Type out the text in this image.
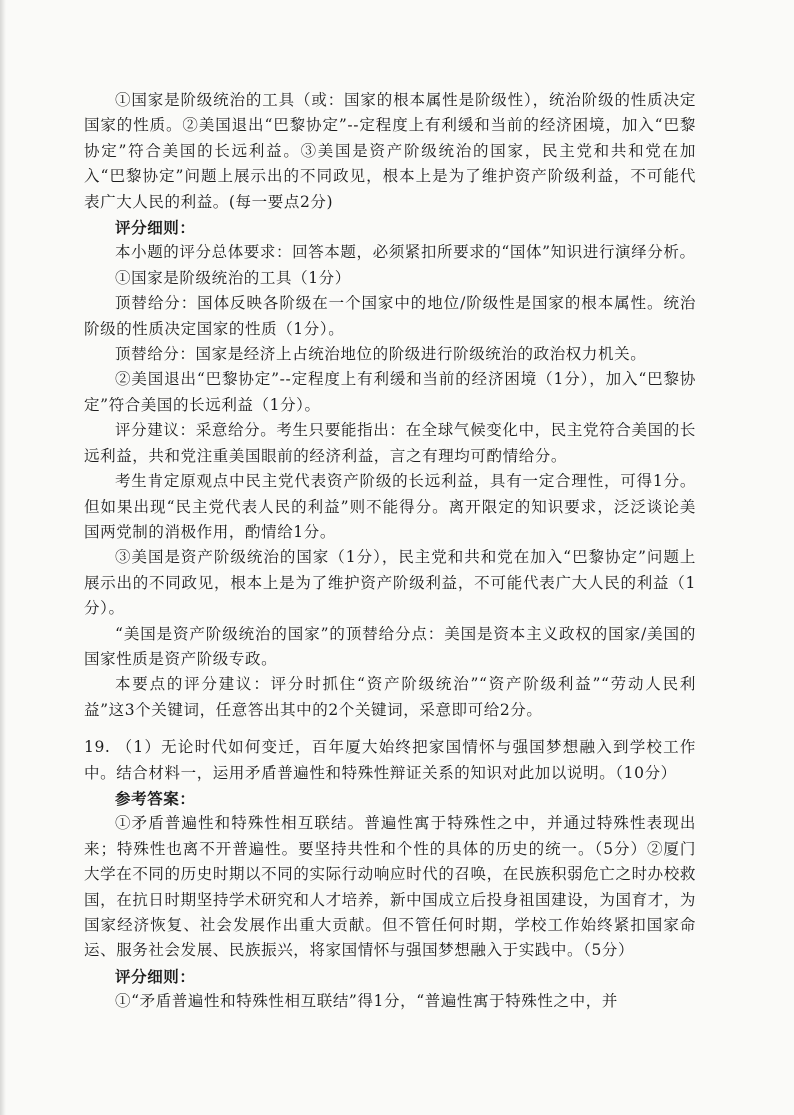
①国家是阶级统治的工具（或：国家的根本属性是阶级性），统治阶级的性质决定国家的性质。②美国退出“巴黎协定”--定程度上有利缓和当前的经济困境，加入“巴黎协定”符合美国的长远利益。③美国是资产阶级统治的国家，民主党和共和党在加入“巴黎协定”问题上展示出的不同政见，根本上是为了维护资产阶级利益，不可能代表广大人民的利益。(每一要点2分)

评分细则：

本小题的评分总体要求：回答本题，必须紧扣所要求的“国体”知识进行演绎分析。

①国家是阶级统治的工具（1分）

顶替给分：国体反映各阶级在一个国家中的地位/阶级性是国家的根本属性。统治阶级的性质决定国家的性质（1分）。

顶替给分：国家是经济上占统治地位的阶级进行阶级统治的政治权力机关。

②美国退出“巴黎协定”--定程度上有利缓和当前的经济困境（1分），加入“巴黎协定”符合美国的长远利益（1分）。

评分建议：采意给分。考生只要能指出：在全球气候变化中，民主党符合美国的长远利益，共和党注重美国眼前的经济利益，言之有理均可酌情给分。

考生肯定原观点中民主党代表资产阶级的长远利益，具有一定合理性，可得1分。但如果出现“民主党代表人民的利益”则不能得分。离开限定的知识要求，泛泛谈论美国两党制的消极作用，酌情给1分。

③美国是资产阶级统治的国家（1分），民主党和共和党在加入“巴黎协定”问题上展示出的不同政见，根本上是为了维护资产阶级利益，不可能代表广大人民的利益（1分）。

“美国是资产阶级统治的国家”的顶替给分点：美国是资本主义政权的国家/美国的国家性质是资产阶级专政。

本要点的评分建议：评分时抓住“资产阶级统治”“资产阶级利益”“劳动人民利益”这3个关键词，任意答出其中的2个关键词，采意即可给2分。

19. （1）无论时代如何变迁，百年厦大始终把家国情怀与强国梦想融入到学校工作中。结合材料一，运用矛盾普遍性和特殊性辩证关系的知识对此加以说明。（10分）

参考答案：

①矛盾普遍性和特殊性相互联结。普遍性寓于特殊性之中，并通过特殊性表现出来；特殊性也离不开普遍性。要坚持共性和个性的具体的历史的统一。（5分）②厦门大学在不同的历史时期以不同的实际行动响应时代的召唤，在民族积弱危亡之时办校救国，在抗日时期坚持学术研究和人才培养，新中国成立后投身祖国建设，为国育才，为国家经济恢复、社会发展作出重大贡献。但不管任何时期，学校工作始终紧扣国家命运、服务社会发展、民族振兴，将家国情怀与强国梦想融入于实践中。（5分）

评分细则：

①“矛盾普遍性和特殊性相互联结”得1分，“普遍性寓于特殊性之中，并
